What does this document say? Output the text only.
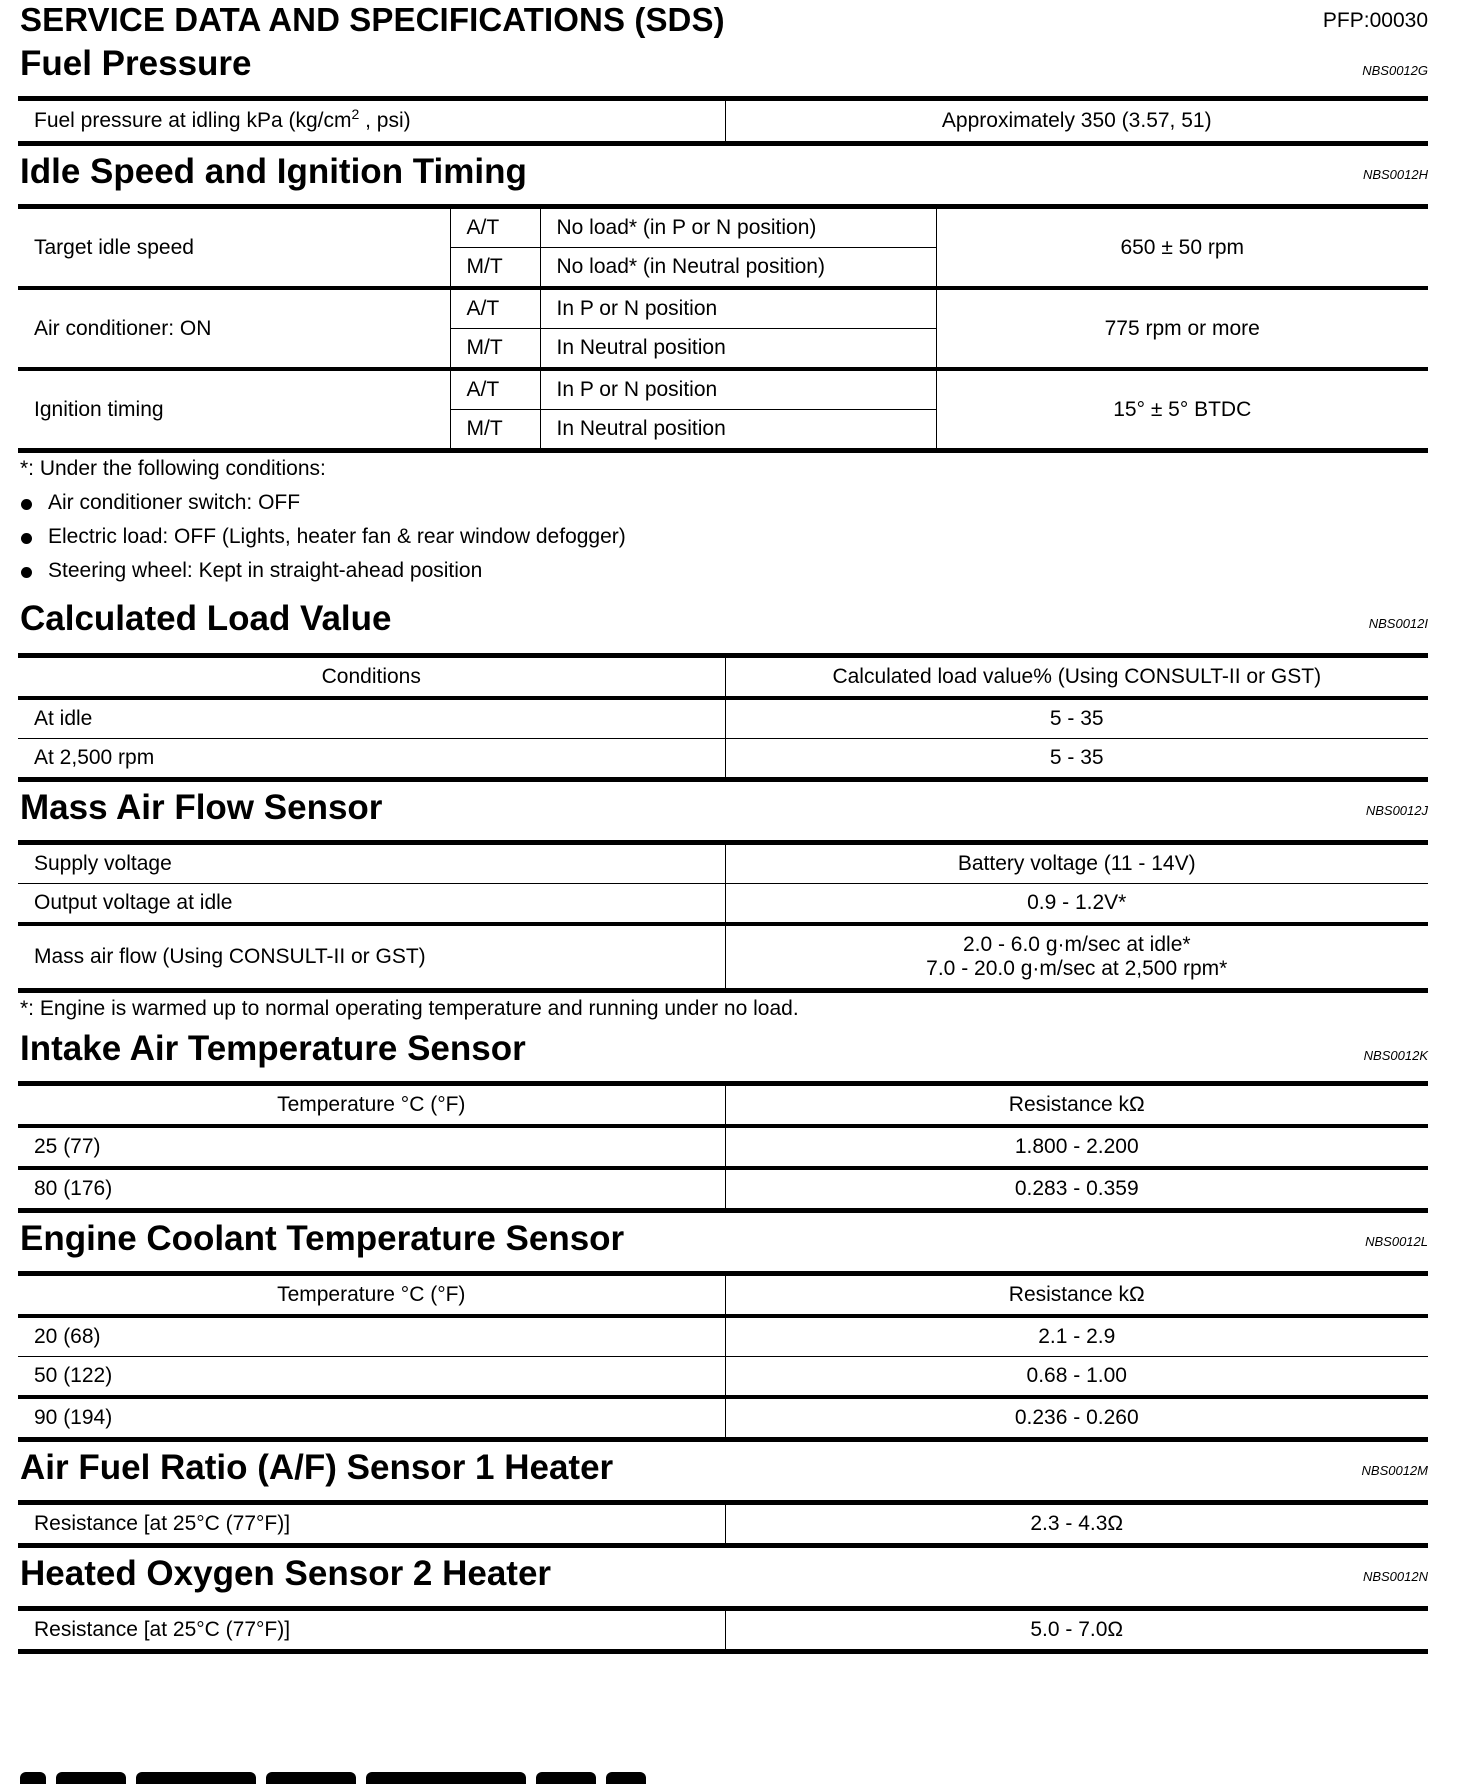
SERVICE DATA AND SPECIFICATIONS (SDS)	PFP:00030
Fuel Pressure	NBS0012G
Fuel pressure at idling kPa ($kg/cm^2$ , psi)	Approximately 350 (3.57, 51)
Idle Speed and Ignition Timing	NBS0012H
Target idle speed	A/T	No load* (in P or N position)	650 ± 50 rpm
	M/T	No load* (in Neutral position)	
Air conditioner: ON	A/T	In P or N position	775 rpm or more
	M/T	In Neutral position	
Ignition timing	A/T	In P or N position	15° ± 5° BTDC
	M/T	In Neutral position	
*: Under the following conditions:
Air conditioner switch: OFF
Electric load: OFF (Lights, heater fan & rear window defogger)
Steering wheel: Kept in straight-ahead position
Calculated Load Value	NBS0012I
Conditions	Calculated load value% (Using CONSULT-II or GST)
At idle	5 - 35
At 2,500 rpm	5 - 35
Mass Air Flow Sensor	NBS0012J
Supply voltage	Battery voltage (11 - 14V)
Output voltage at idle	0.9 - 1.2V*
Mass air flow (Using CONSULT-II or GST)	2.0 - 6.0 g·m/sec at idle*
7.0 - 20.0 g·m/sec at 2,500 rpm*
*: Engine is warmed up to normal operating temperature and running under no load.
Intake Air Temperature Sensor	NBS0012K
Temperature °C (°F)	Resistance kΩ
25 (77)	1.800 - 2.200
80 (176)	0.283 - 0.359
Engine Coolant Temperature Sensor	NBS0012L
Temperature °C (°F)	Resistance kΩ
20 (68)	2.1 - 2.9
50 (122)	0.68 - 1.00
90 (194)	0.236 - 0.260
Air Fuel Ratio (A/F) Sensor 1 Heater	NBS0012M
Resistance [at 25°C (77°F)]	2.3 - 4.3Ω
Heated Oxygen Sensor 2 Heater	NBS0012N
Resistance [at 25°C (77°F)]	5.0 - 7.0Ω
